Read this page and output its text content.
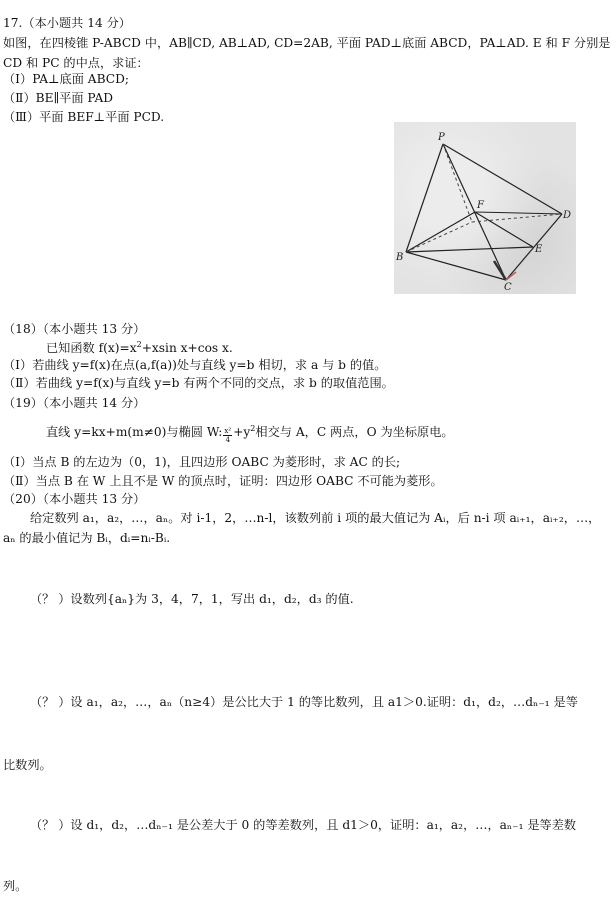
17.（本小题共 14 分）
如图，在四棱锥 P-ABCD 中，AB∥CD, AB⊥AD, CD=2AB, 平面 PAD⊥底面 ABCD，PA⊥AD. E 和 F 分别是
CD 和 PC 的中点，求证：
（Ⅰ）PA⊥底面 ABCD;
（Ⅱ）BE∥平面 PAD
（Ⅲ）平面 BEF⊥平面 PCD.
P
F
D
E
B
C
（18）（本小题共 13 分）
已知函数 $f(x)=x^2+xsin$ x+cos x.
（Ⅰ）若曲线 y=f(x)在点(a,f(a))处与直线 y=b 相切，求 a 与 b 的值。
（Ⅱ）若曲线 y=f(x)与直线 y=b 有两个不同的交点，求 b 的取值范围。
（19）（本小题共 14 分）
直线 y=kx+m(m≠0)与椭圆 W: $\frac{\text{x²}}{4} +y^2$相交与 A，C 两点，O 为坐标原电。
（Ⅰ）当点 B 的左边为（0，1)，且四边形 OABC 为菱形时，求 AC 的长;
（Ⅱ）当点 B 在 W 上且不是 W 的顶点时，证明：四边形 OABC 不可能为菱形。
（20）（本小题共 13 分）
给定数列 a₁，a₂，…，aₙ。对 i-1，2，…n-l，该数列前 i 项的最大值记为 Aᵢ，后 n-i 项 aᵢ₊₁，aᵢ₊₂，…，
aₙ 的最小值记为 Bᵢ，dᵢ=nᵢ-Bᵢ.
（？ ）设数列{aₙ}为 3，4，7，1，写出 d₁，d₂，d₃ 的值.
（？ ）设 a₁，a₂，…，aₙ（n≥4）是公比大于 1 的等比数列，且 a1＞0.证明：d₁，d₂，…dₙ₋₁ 是等
比数列。
（？ ）设 d₁，d₂，…dₙ₋₁ 是公差大于 0 的等差数列，且 d1＞0，证明：a₁，a₂，…，aₙ₋₁ 是等差数
列。
